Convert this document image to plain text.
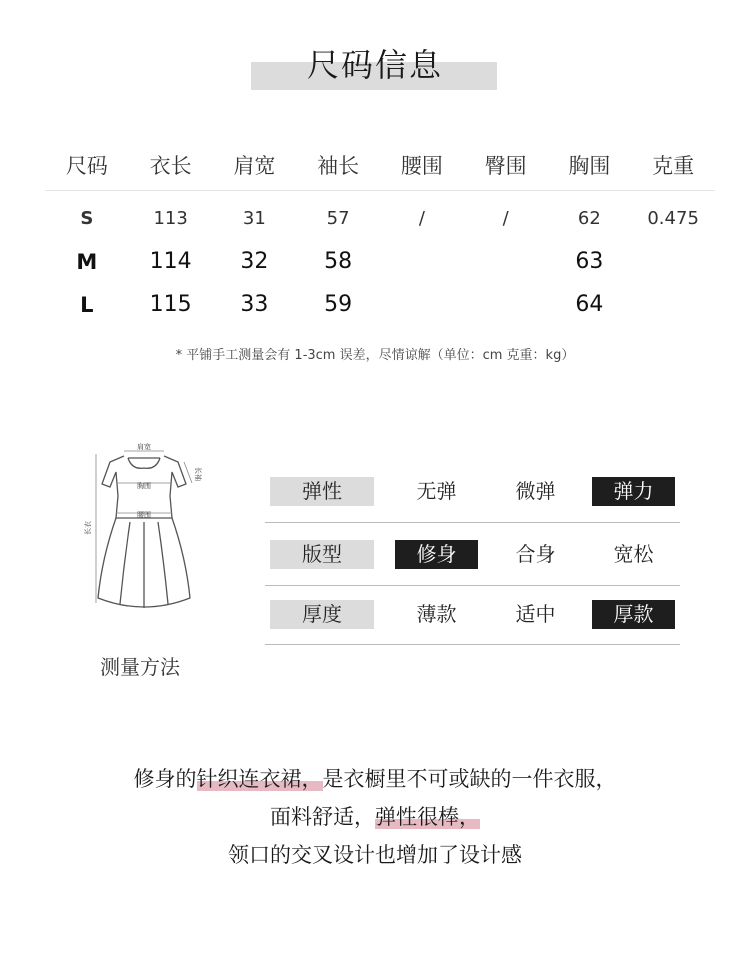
尺码信息
尺码	衣长	肩宽	袖长	腰围	臀围	胸围	克重
S	113	31	57	/	/	62	0.475
M	114	32	58			63	
L	115	33	59			64	
* 平铺手工测量会有 1-3cm 误差，尽情谅解（单位：cm 克重：kg）
肩宽
胸围
腰围
长袖
长衣
测量方法
弹性	无弹	微弹	弹力
版型	修身	合身	宽松
厚度	薄款	适中	厚款
修身的针织连衣裙，是衣橱里不可或缺的一件衣服，
面料舒适，弹性很棒，
领口的交叉设计也增加了设计感
